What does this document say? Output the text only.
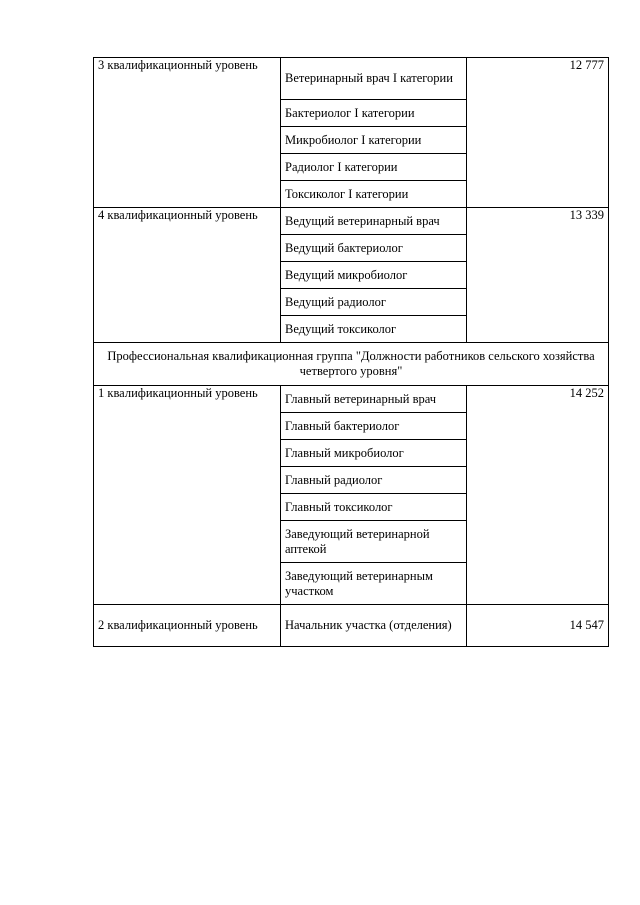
3 квалификационный уровень	Ветеринарный врач I категории	12 777
	Бактериолог I категории	
	Микробиолог I категории	
	Радиолог I категории	
	Токсиколог I категории	
4 квалификационный уровень	Ведущий ветеринарный врач	13 339
	Ведущий бактериолог	
	Ведущий микробиолог	
	Ведущий радиолог	
	Ведущий токсиколог	
Профессиональная квалификационная группа "Должности работников сельского хозяйства четвертого уровня"		
1 квалификационный уровень	Главный ветеринарный врач	14 252
	Главный бактериолог	
	Главный микробиолог	
	Главный радиолог	
	Главный токсиколог	
	Заведующий ветеринарной аптекой	
	Заведующий ветеринарным участком	
2 квалификационный уровень	Начальник участка (отделения)	14 547
